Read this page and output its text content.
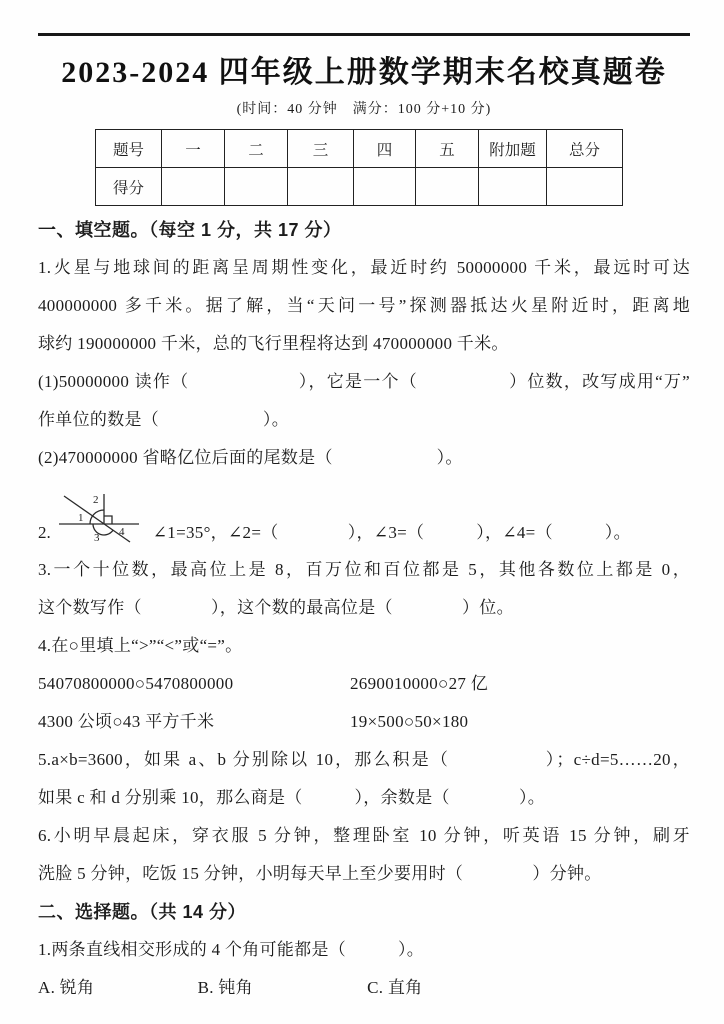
2023-2024 四年级上册数学期末名校真题卷
(时间：40 分钟　满分：100 分+10 分)
题号	一	二	三	四	五	附加题	总分
得分							
一、填空题。（每空 1 分，共 17 分）
1.火星与地球间的距离呈周期性变化，最近时约 50000000 千米，最远时可达
400000000 多千米。据了解，当“天问一号”探测器抵达火星附近时，距离地
球约 190000000 千米，总的飞行里程将达到 470000000 千米。
(1)50000000 读作（　　　　　　），它是一个（　　　　　）位数，改写成用“万”
作单位的数是（　　　　　　）。
(2)470000000 省略亿位后面的尾数是（　　　　　　）。
2.
1
2
3 4 ∠1=35°，∠2=（　　　　），∠3=（　　　），∠4=（　　　）。
3.一个十位数，最高位上是 8，百万位和百位都是 5，其他各数位上都是 0，
这个数写作（　　　　），这个数的最高位是（　　　　）位。
4.在○里填上“>”“<”或“=”。
54070800000○5470800000	2690010000○27 亿
4300 公顷○43 平方千米	19×500○50×180
5.a×b=3600，如果 a、b 分别除以 10，那么积是（　　　　　）；c÷d=5……20，
如果 c 和 d 分别乘 10，那么商是（　　　），余数是（　　　　）。
6.小明早晨起床，穿衣服 5 分钟，整理卧室 10 分钟，听英语 15 分钟，刷牙
洗脸 5 分钟，吃饭 15 分钟，小明每天早上至少要用时（　　　　）分钟。
二、选择题。（共 14 分）
1.两条直线相交形成的 4 个角可能都是（　　　）。
A. 锐角	B. 钝角	C. 直角
